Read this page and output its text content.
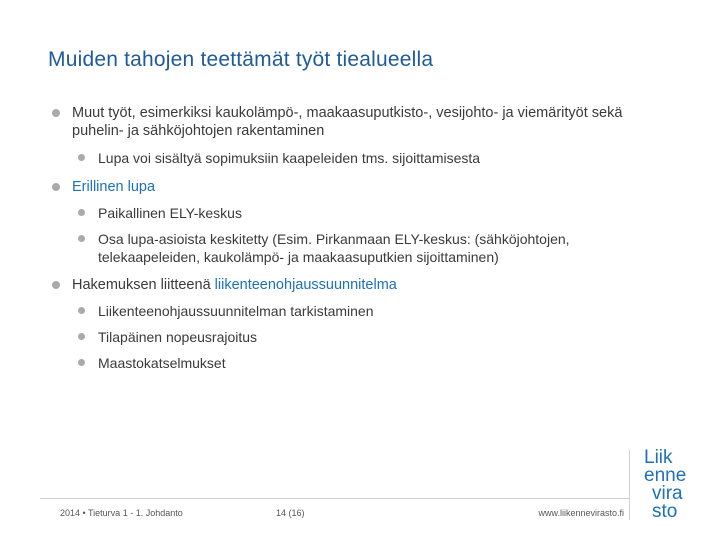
Muiden tahojen teettämät työt tiealueella
Muut työt, esimerkiksi kaukolämpö-, maakaasuputkisto-, vesijohto- ja viemärityöt sekä puhelin- ja sähköjohtojen rakentaminen
Lupa voi sisältyä sopimuksiin kaapeleiden tms. sijoittamisesta
Erillinen lupa
Paikallinen ELY-keskus
Osa lupa-asioista keskitetty (Esim. Pirkanmaan ELY-keskus: (sähköjohtojen, telekaapeleiden, kaukolämpö- ja maakaasuputkien sijoittaminen)
Hakemuksen liitteenä liikenteenohjaussuunnitelma
Liikenteenohjaussuunnitelman tarkistaminen
Tilapäinen nopeusrajoitus
Maastokatselmukset
2014 • Tieturva 1 - 1. Johdanto	14 (16)	www.liikennevirasto.fi
Liik
enne
vira
sto
